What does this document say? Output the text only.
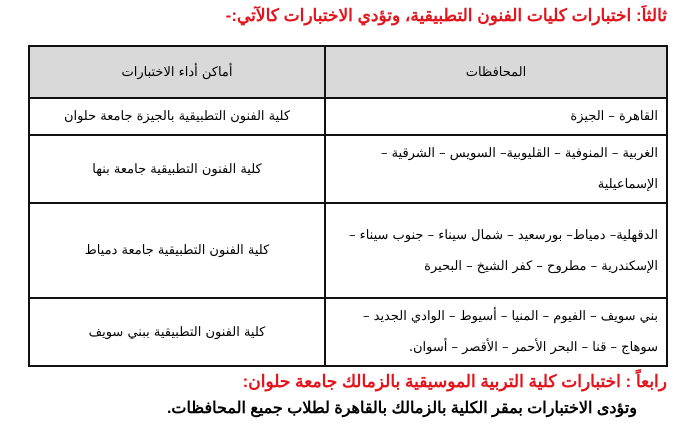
ثالثاَ: اختبارات كليات الفنون التطبيقية، وتؤدي الاختبارات كالآتي:-
المحافظات	أماكن أداء الاختبارات
القاهرة – الجيزة	كلية الفنون التطبيقية بالجيزة جامعة حلوان
الغربية – المنوفية – القليوبية– السويس – الشرقية – الإسماعيلية	كلية الفنون التطبيقية جامعة بنها
الدقهلية– دمياط– بورسعيد – شمال سيناء – جنوب سيناء – الإسكندرية – مطروح – كفر الشيخ – البحيرة	كلية الفنون التطبيقية جامعة دمياط
بني سويف – الفيوم – المنيا – أسيوط – الوادي الجديد – سوهاج – قنا – البحر الأحمر – الأقصر – أسوان.	كلية الفنون التطبيقية ببني سويف
رابعاً : اختبارات كلية التربية الموسيقية بالزمالك جامعة حلوان:
وتؤدى الاختبارات بمقر الكلية بالزمالك بالقاهرة لطلاب جميع المحافظات.
